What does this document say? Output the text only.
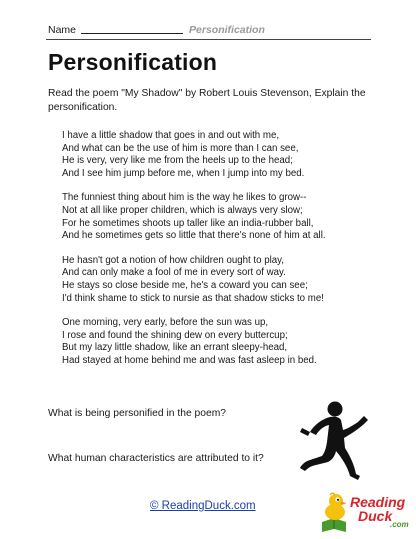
Name	Personification
Personification
Read the poem "My Shadow" by Robert Louis Stevenson, Explain the personification.
I have a little shadow that goes in and out with me,
And what can be the use of him is more than I can see,
He is very, very like me from the heels up to the head;
And I see him jump before me, when I jump into my bed.
The funniest thing about him is the way he likes to grow--
Not at all like proper children, which is always very slow;
For he sometimes shoots up taller like an india-rubber ball,
And he sometimes gets so little that there's none of him at all.
He hasn't got a notion of how children ought to play,
And can only make a fool of me in every sort of way.
He stays so close beside me, he's a coward you can see;
I'd think shame to stick to nursie as that shadow sticks to me!
One morning, very early, before the sun was up,
I rose and found the shining dew on every buttercup;
But my lazy little shadow, like an errant sleepy-head,
Had stayed at home behind me and was fast asleep in bed.
What is being personified in the poem?
What human characteristics are attributed to it?
© ReadingDuck.com	Reading
Duck
.com
